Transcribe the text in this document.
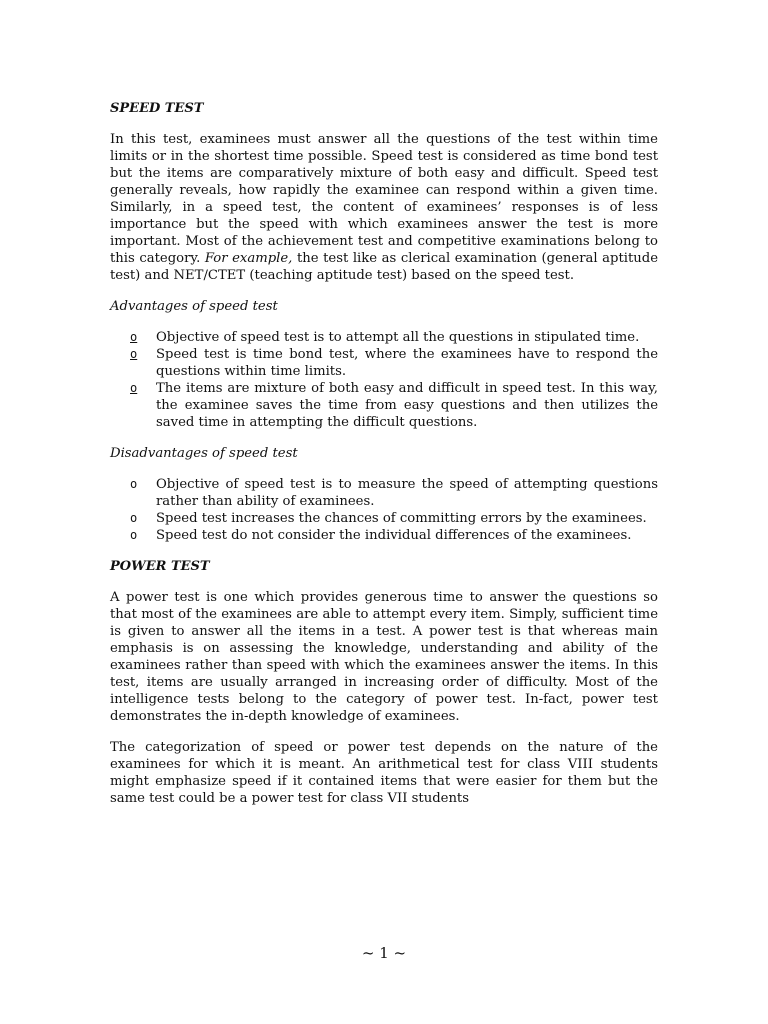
SPEED TEST
In this test, examinees must answer all the questions of the test within time limits or in the shortest time possible. Speed test is considered as time bond test but the items are comparatively mixture of both easy and difficult. Speed test generally reveals, how rapidly the examinee can respond within a given time. Similarly, in a speed test, the content of examinees’ responses is of less importance but the speed with which examinees answer the test is more important. Most of the achievement test and competitive examinations belong to this category. For example, the test like as clerical examination (general aptitude test) and NET/CTET (teaching aptitude test) based on the speed test.
Advantages of speed test
o Objective of speed test is to attempt all the questions in stipulated time.
o Speed test is time bond test, where the examinees have to respond the questions within time limits.
o The items are mixture of both easy and difficult in speed test. In this way, the examinee saves the time from easy questions and then utilizes the saved time in attempting the difficult questions.
Disadvantages of speed test
o Objective of speed test is to measure the speed of attempting questions rather than ability of examinees.
o Speed test increases the chances of committing errors by the examinees.
o Speed test do not consider the individual differences of the examinees.
POWER TEST
A power test is one which provides generous time to answer the questions so that most of the examinees are able to attempt every item. Simply, sufficient time is given to answer all the items in a test. A power test is that whereas main emphasis is on assessing the knowledge, understanding and ability of the examinees rather than speed with which the examinees answer the items. In this test, items are usually arranged in increasing order of difficulty. Most of the intelligence tests belong to the category of power test. In-fact, power test demonstrates the in-depth knowledge of examinees.
The categorization of speed or power test depends on the nature of the examinees for which it is meant. An arithmetical test for class VIII students might emphasize speed if it contained items that were easier for them but the same test could be a power test for class VII students
~ 1 ~
